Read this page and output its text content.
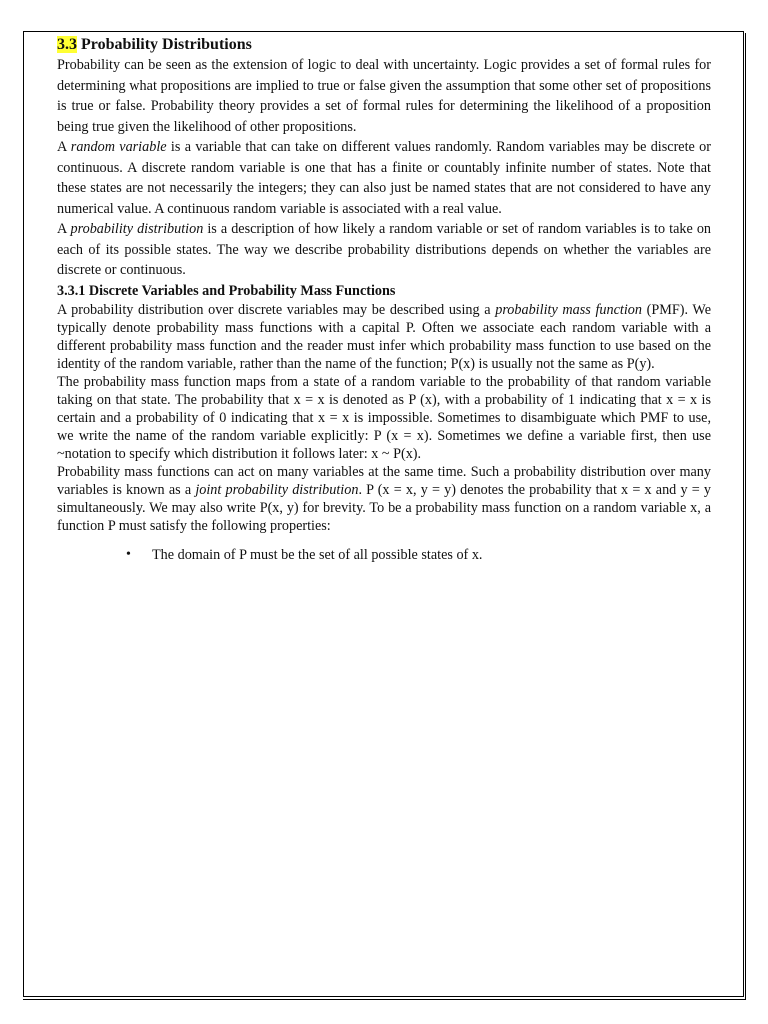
3.3 Probability Distributions

Probability can be seen as the extension of logic to deal with uncertainty. Logic provides a set of formal rules for determining what propositions are implied to true or false given the assumption that some other set of propositions is true or false. Probability theory provides a set of formal rules for determining the likelihood of a proposition being true given the likelihood of other propositions.

A random variable is a variable that can take on different values randomly. Random variables may be discrete or continuous. A discrete random variable is one that has a finite or countably infinite number of states. Note that these states are not necessarily the integers; they can also just be named states that are not considered to have any numerical value. A continuous random variable is associated with a real value.

A probability distribution is a description of how likely a random variable or set of random variables is to take on each of its possible states. The way we describe probability distributions depends on whether the variables are discrete or continuous.

3.3.1 Discrete Variables and Probability Mass Functions

A probability distribution over discrete variables may be described using a probability mass function (PMF). We typically denote probability mass functions with a capital P. Often we associate each random variable with a different probability mass function and the reader must infer which probability mass function to use based on the identity of the random variable, rather than the name of the function; P(x) is usually not the same as P(y).

The probability mass function maps from a state of a random variable to the probability of that random variable taking on that state. The probability that x = x is denoted as P (x), with a probability of 1 indicating that x = x is certain and a probability of 0 indicating that x = x is impossible. Sometimes to disambiguate which PMF to use, we write the name of the random variable explicitly: P (x = x). Sometimes we define a variable first, then use ~notation to specify which distribution it follows later: x ~ P(x).

Probability mass functions can act on many variables at the same time. Such a probability distribution over many variables is known as a joint probability distribution. P (x = x, y = y) denotes the probability that x = x and y = y simultaneously. We may also write P(x, y) for brevity. To be a probability mass function on a random variable x, a function P must satisfy the following properties:

• The domain of P must be the set of all possible states of x.
